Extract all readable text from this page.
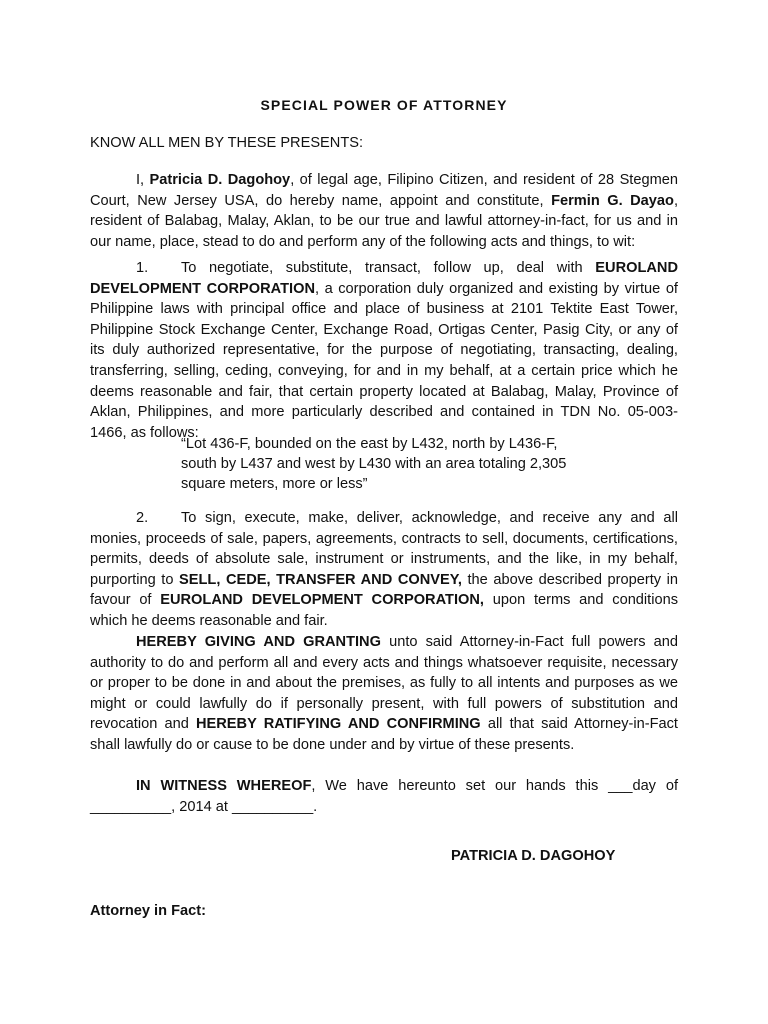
SPECIAL POWER OF ATTORNEY

KNOW ALL MEN BY THESE PRESENTS:

I, Patricia D. Dagohoy, of legal age, Filipino Citizen, and resident of 28 Stegmen Court, New Jersey USA, do hereby name, appoint and constitute, Fermin G. Dayao, resident of Balabag, Malay, Aklan, to be our true and lawful attorney-in-fact, for us and in our name, place, stead to do and perform any of the following acts and things, to wit:

1. To negotiate, substitute, transact, follow up, deal with EUROLAND DEVELOPMENT CORPORATION, a corporation duly organized and existing by virtue of Philippine laws with principal office and place of business at 2101 Tektite East Tower, Philippine Stock Exchange Center, Exchange Road, Ortigas Center, Pasig City, or any of its duly authorized representative, for the purpose of negotiating, transacting, dealing, transferring, selling, ceding, conveying, for and in my behalf, at a certain price which he deems reasonable and fair, that certain property located at Balabag, Malay, Province of Aklan, Philippines, and more particularly described and contained in TDN No. 05-003-1466, as follows:

“Lot 436-F, bounded on the east by L432, north by L436-F,
south by L437 and west by L430 with an area totaling 2,305
square meters, more or less”

2. To sign, execute, make, deliver, acknowledge, and receive any and all monies, proceeds of sale, papers, agreements, contracts to sell, documents, certifications, permits, deeds of absolute sale, instrument or instruments, and the like, in my behalf, purporting to SELL, CEDE, TRANSFER AND CONVEY, the above described property in favour of EUROLAND DEVELOPMENT CORPORATION, upon terms and conditions which he deems reasonable and fair.

HEREBY GIVING AND GRANTING unto said Attorney-in-Fact full powers and authority to do and perform all and every acts and things whatsoever requisite, necessary or proper to be done in and about the premises, as fully to all intents and purposes as we might or could lawfully do if personally present, with full powers of substitution and revocation and HEREBY RATIFYING AND CONFIRMING all that said Attorney-in-Fact shall lawfully do or cause to be done under and by virtue of these presents.

IN WITNESS WHEREOF, We have hereunto set our hands this ___day of __________, 2014 at __________.

PATRICIA D. DAGOHOY

Attorney in Fact:
